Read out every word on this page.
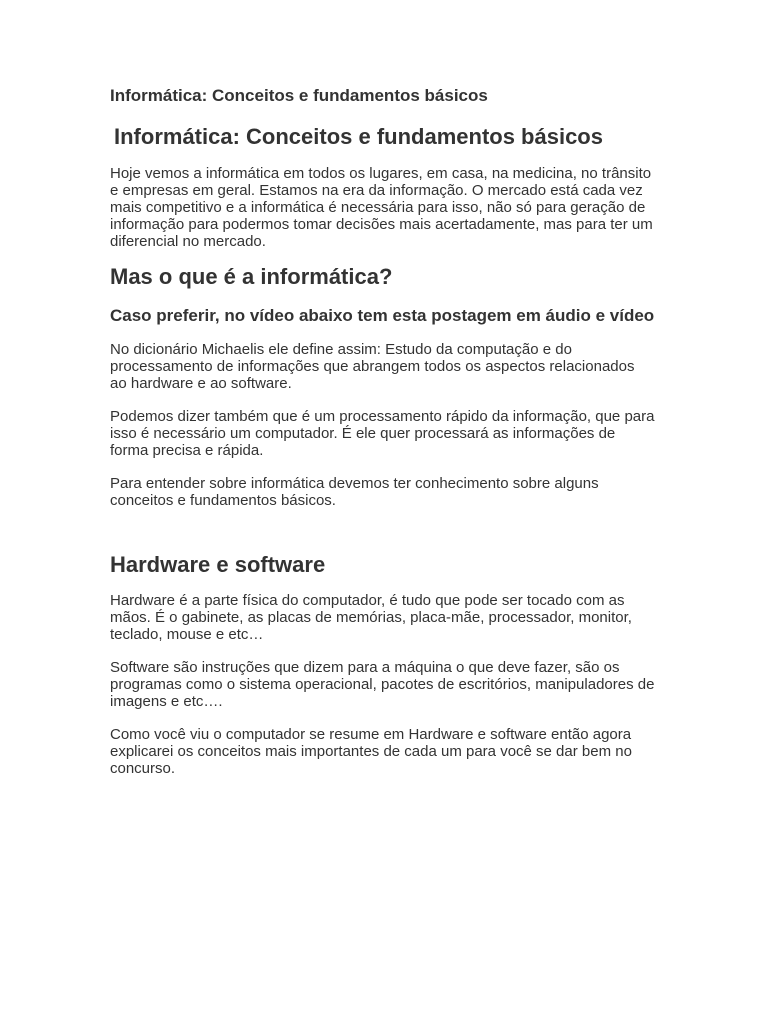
Informática: Conceitos e fundamentos básicos
Informática: Conceitos e fundamentos básicos

Hoje vemos a informática em todos os lugares, em casa, na medicina, no trânsito e empresas em geral. Estamos na era da informação. O mercado está cada vez mais competitivo e a informática é necessária para isso, não só para geração de informação para podermos tomar decisões mais acertadamente, mas para ter um diferencial no mercado.

Mas o que é a informática?
Caso preferir, no vídeo abaixo tem esta postagem em áudio e vídeo

No dicionário Michaelis ele define assim: Estudo da computação e do processamento de informações que abrangem todos os aspectos relacionados ao hardware e ao software.

Podemos dizer também que é um processamento rápido da informação, que para isso é necessário um computador. É ele quer processará as informações de forma precisa e rápida.

Para entender sobre informática devemos ter conhecimento sobre alguns conceitos e fundamentos básicos.

Hardware e software

Hardware é a parte física do computador, é tudo que pode ser tocado com as mãos. É o gabinete, as placas de memórias, placa-mãe, processador, monitor, teclado, mouse e etc…

Software são instruções que dizem para a máquina o que deve fazer, são os programas como o sistema operacional, pacotes de escritórios, manipuladores de imagens e etc….

Como você viu o computador se resume em Hardware e software então agora explicarei os conceitos mais importantes de cada um para você se dar bem no concurso.
